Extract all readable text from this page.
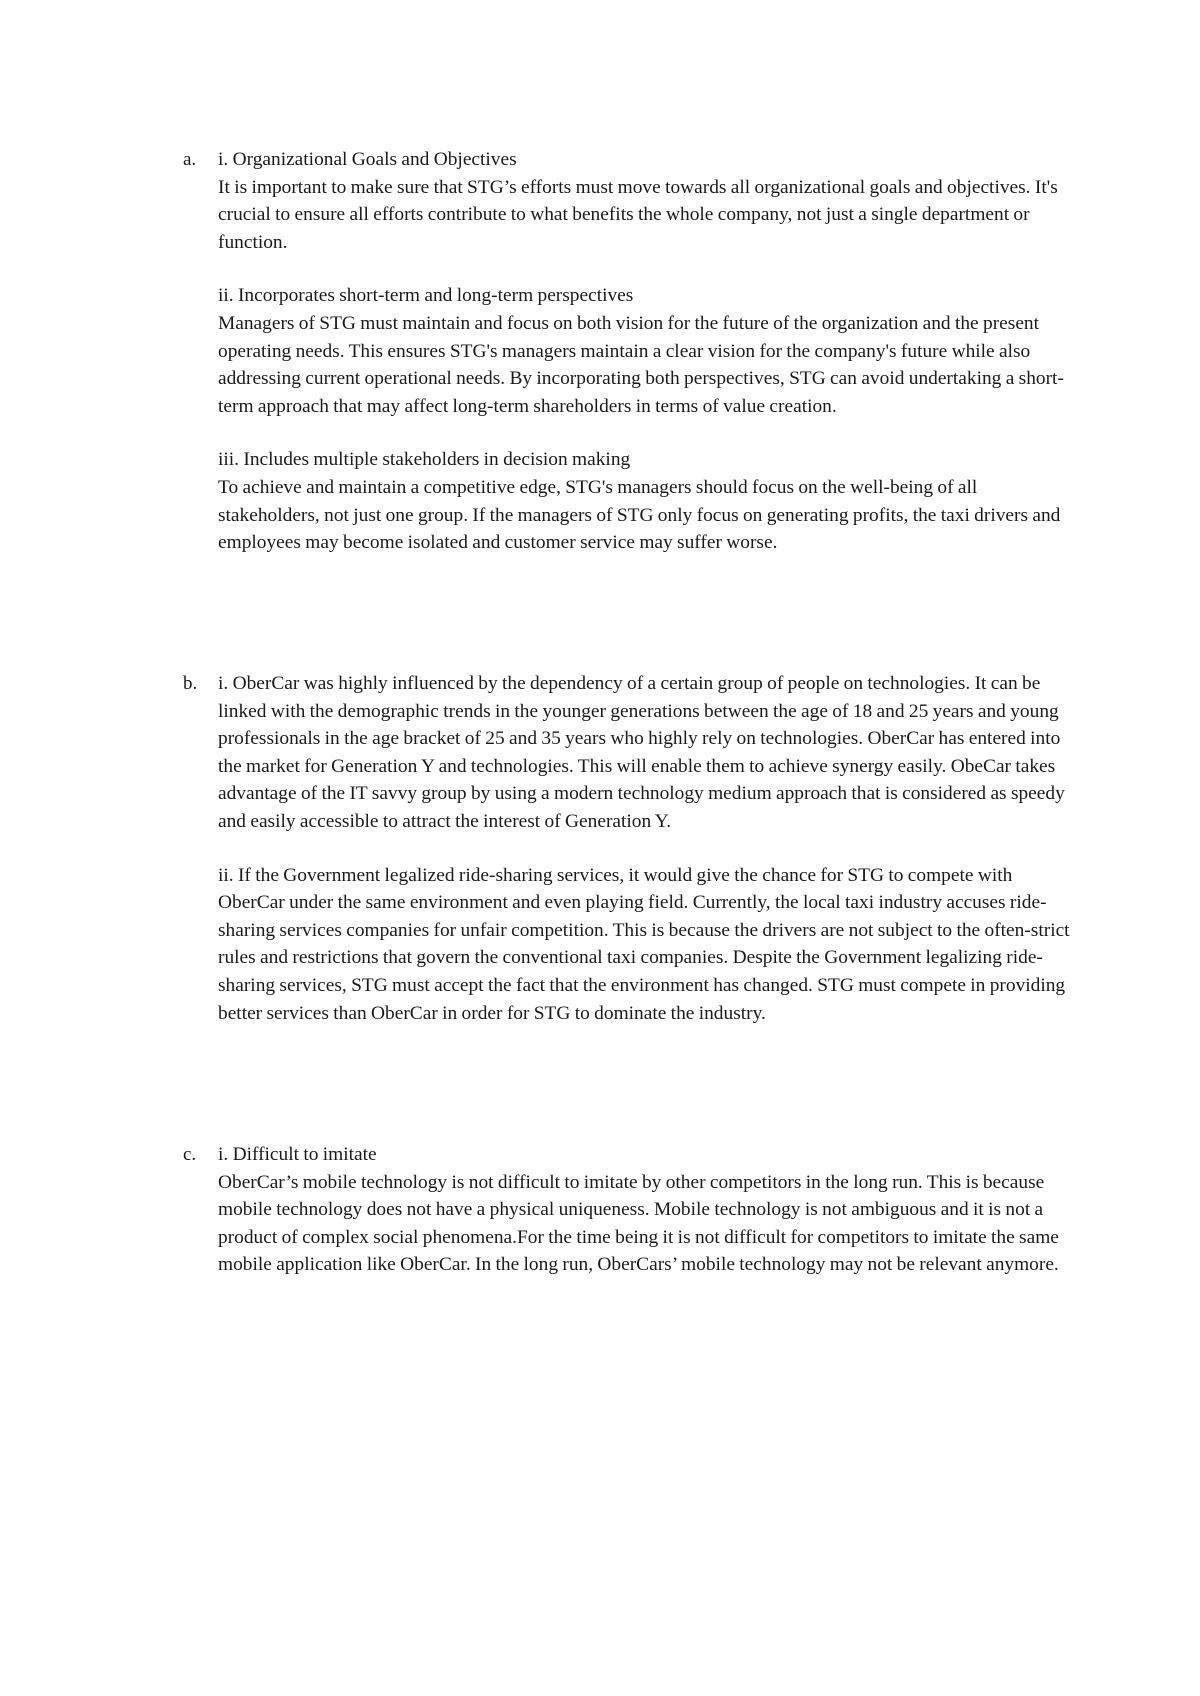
a. i. Organizational Goals and Objectives

It is important to make sure that STG’s efforts must move towards all organizational goals and objectives. It's crucial to ensure all efforts contribute to what benefits the whole company, not just a single department or function.

ii. Incorporates short-term and long-term perspectives

Managers of STG must maintain and focus on both vision for the future of the organization and the present operating needs. This ensures STG's managers maintain a clear vision for the company's future while also addressing current operational needs. By incorporating both perspectives, STG can avoid undertaking a short-term approach that may affect long-term shareholders in terms of value creation.

iii. Includes multiple stakeholders in decision making

To achieve and maintain a competitive edge, STG's managers should focus on the well-being of all stakeholders, not just one group. If the managers of STG only focus on generating profits, the taxi drivers and employees may become isolated and customer service may suffer worse.

b. i. OberCar was highly influenced by the dependency of a certain group of people on technologies. It can be linked with the demographic trends in the younger generations between the age of 18 and 25 years and young professionals in the age bracket of 25 and 35 years who highly rely on technologies. OberCar has entered into the market for Generation Y and technologies. This will enable them to achieve synergy easily. ObeCar takes advantage of the IT savvy group by using a modern technology medium approach that is considered as speedy and easily accessible to attract the interest of Generation Y.

ii. If the Government legalized ride-sharing services, it would give the chance for STG to compete with OberCar under the same environment and even playing field. Currently, the local taxi industry accuses ride-sharing services companies for unfair competition. This is because the drivers are not subject to the often-strict rules and restrictions that govern the conventional taxi companies. Despite the Government legalizing ride-sharing services, STG must accept the fact that the environment has changed. STG must compete in providing better services than OberCar in order for STG to dominate the industry.

c. i. Difficult to imitate

OberCar’s mobile technology is not difficult to imitate by other competitors in the long run. This is because mobile technology does not have a physical uniqueness. Mobile technology is not ambiguous and it is not a product of complex social phenomena.For the time being it is not difficult for competitors to imitate the same mobile application like OberCar. In the long run, OberCars’ mobile technology may not be relevant anymore.
